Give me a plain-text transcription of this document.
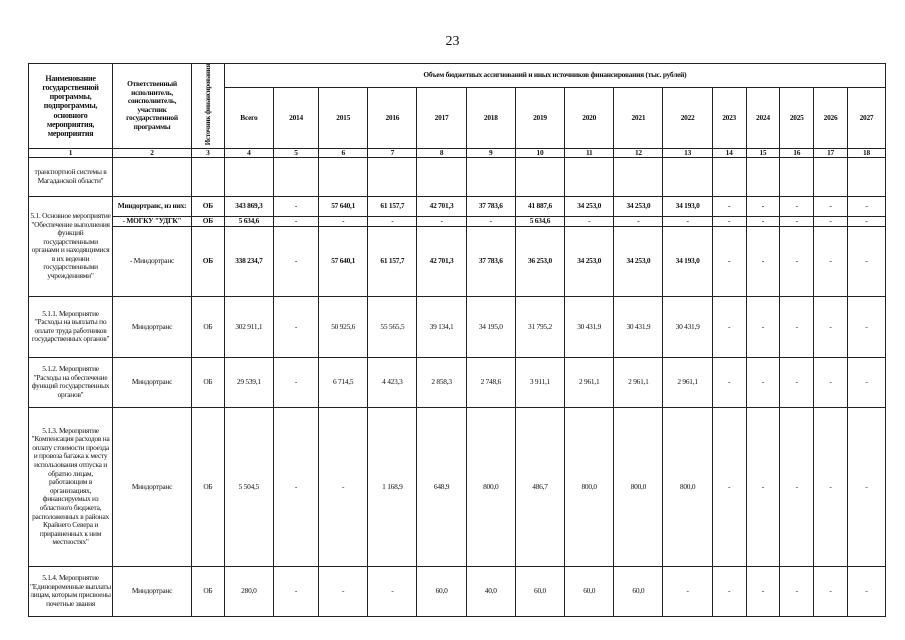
23
Наименование государственной программы, подпрограммы, основного мероприятия, мероприятия	Ответственный исполнитель, соисполнитель, участник государственной программы	Источник финансирования	Объем бюджетных ассигнований и иных источников финансирования (тыс. рублей)														
			Всего	2014	2015	2016	2017	2018	2019	2020	2021	2022	2023	2024	2025	2026	2027
1	2	3	4	5	6	7	8	9	10	11	12	13	14	15	16	17	18
транспортной системы в Магаданской области"																	
5.1. Основное мероприятие "Обеспечение выполнения функций государственными органами и находящимися в их ведении государственными учреждениями"	Миндортранс, из них:	ОБ	343 869,3	-	57 640,1	61 157,7	42 701,3	37 783,6	41 887,6	34 253,0	34 253,0	34 193,0	-	-	-	-	-
	- МОГКУ "УДГК"	ОБ	5 634,6	-	-	-	-	-	5 634,6	-	-	-	-	-	-	-	-
	- Миндортранс	ОБ	338 234,7	-	57 640,1	61 157,7	42 701,3	37 783,6	36 253,0	34 253,0	34 253,0	34 193,0	-	-	-	-	-
5.1.1. Мероприятие "Расходы на выплаты по оплате труда работников государственных органов"	Миндортранс	ОБ	302 911,1	-	50 925,6	55 565,5	39 134,1	34 195,0	31 795,2	30 431,9	30 431,9	30 431,9	-	-	-	-	-
5.1.2. Мероприятие "Расходы на обеспечение функций государственных органов"	Миндортранс	ОБ	29 539,1	-	6 714,5	4 423,3	2 858,3	2 748,6	3 911,1	2 961,1	2 961,1	2 961,1	-	-	-	-	-
5.1.3. Мероприятие "Компенсация расходов на оплату стоимости проезда и провоза багажа к месту использования отпуска и обратно лицам, работающим в организациях, финансируемых из областного бюджета, расположенных в районах Крайнего Севера и приравненных к ним местностях"	Миндортранс	ОБ	5 504,5	-	-	1 168,9	648,9	800,0	486,7	800,0	800,0	800,0	-	-	-	-	-
5.1.4. Мероприятие "Единовременные выплаты лицам, которым присвоены почетные звания	Миндортранс	ОБ	280,0	-	-	-	60,0	40,0	60,0	60,0	60,0	-	-	-	-	-	-
